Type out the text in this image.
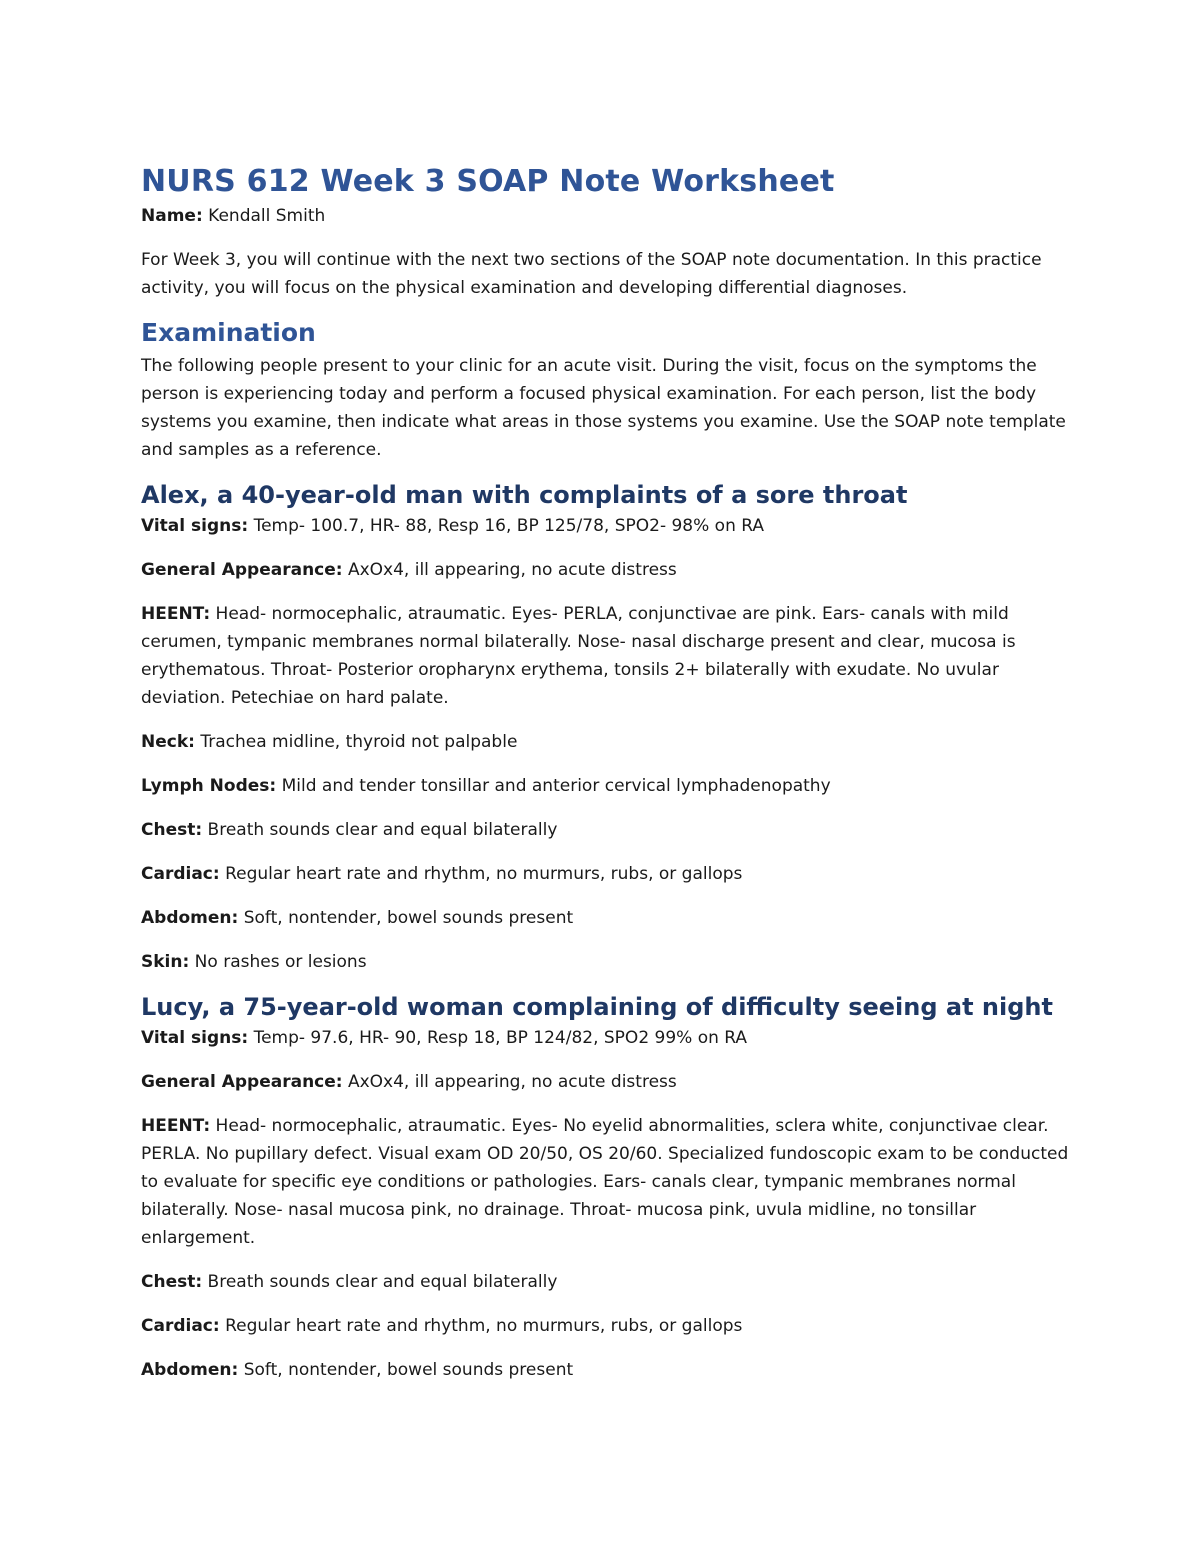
NURS 612 Week 3 SOAP Note Worksheet

Name: Kendall Smith

For Week 3, you will continue with the next two sections of the SOAP note documentation. In this practice activity, you will focus on the physical examination and developing differential diagnoses.

Examination

The following people present to your clinic for an acute visit. During the visit, focus on the symptoms the person is experiencing today and perform a focused physical examination. For each person, list the body systems you examine, then indicate what areas in those systems you examine. Use the SOAP note template and samples as a reference.

Alex, a 40-year-old man with complaints of a sore throat

Vital signs: Temp- 100.7, HR- 88, Resp 16, BP 125/78, SPO2- 98% on RA

General Appearance: AxOx4, ill appearing, no acute distress

HEENT: Head- normocephalic, atraumatic. Eyes- PERLA, conjunctivae are pink. Ears- canals with mild cerumen, tympanic membranes normal bilaterally. Nose- nasal discharge present and clear, mucosa is erythematous. Throat- Posterior oropharynx erythema, tonsils 2+ bilaterally with exudate. No uvular deviation. Petechiae on hard palate.

Neck: Trachea midline, thyroid not palpable

Lymph Nodes: Mild and tender tonsillar and anterior cervical lymphadenopathy

Chest: Breath sounds clear and equal bilaterally

Cardiac: Regular heart rate and rhythm, no murmurs, rubs, or gallops

Abdomen: Soft, nontender, bowel sounds present

Skin: No rashes or lesions

Lucy, a 75-year-old woman complaining of difficulty seeing at night

Vital signs: Temp- 97.6, HR- 90, Resp 18, BP 124/82, SPO2 99% on RA

General Appearance: AxOx4, ill appearing, no acute distress

HEENT: Head- normocephalic, atraumatic. Eyes- No eyelid abnormalities, sclera white, conjunctivae clear. PERLA. No pupillary defect. Visual exam OD 20/50, OS 20/60. Specialized fundoscopic exam to be conducted to evaluate for specific eye conditions or pathologies. Ears- canals clear, tympanic membranes normal bilaterally. Nose- nasal mucosa pink, no drainage. Throat- mucosa pink, uvula midline, no tonsillar enlargement.

Chest: Breath sounds clear and equal bilaterally

Cardiac: Regular heart rate and rhythm, no murmurs, rubs, or gallops

Abdomen: Soft, nontender, bowel sounds present
